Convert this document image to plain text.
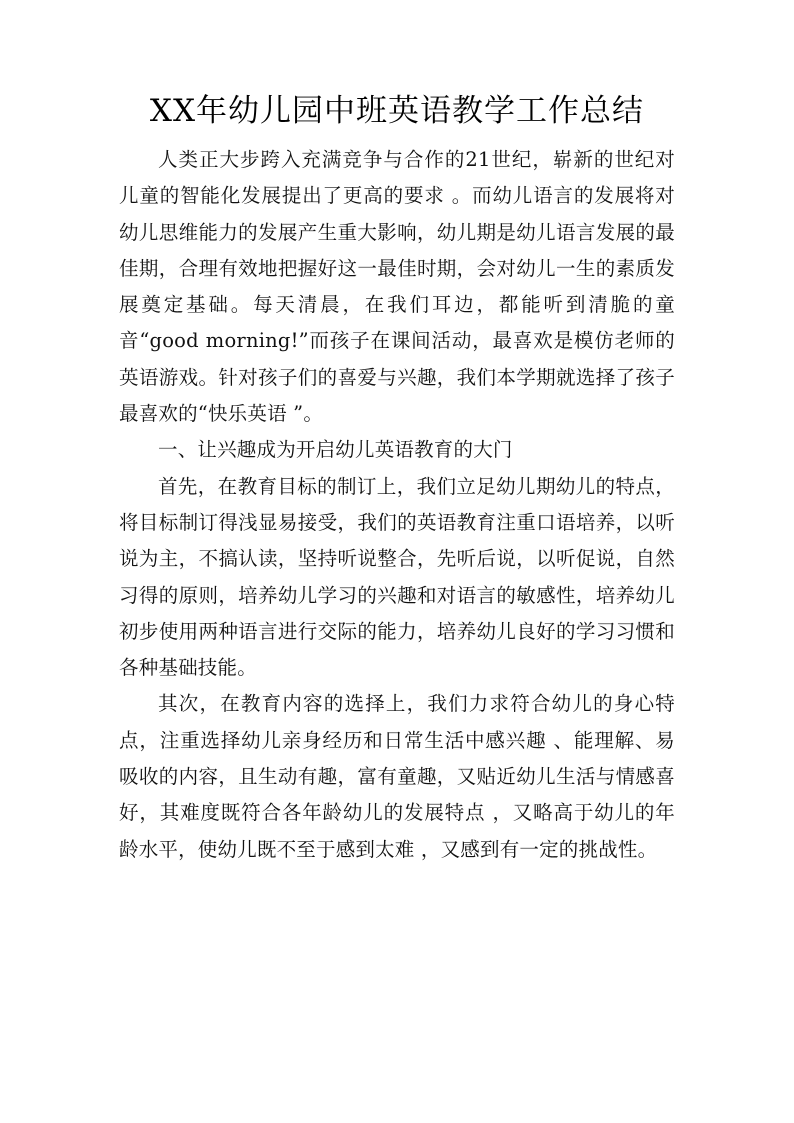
XX年幼儿园中班英语教学工作总结

人类正大步跨入充满竞争与合作的21世纪，崭新的世纪对儿童的智能化发展提出了更高的要求 。而幼儿语言的发展将对幼儿思维能力的发展产生重大影响，幼儿期是幼儿语言发展的最佳期，合理有效地把握好这一最佳时期，会对幼儿一生的素质发展奠定基础。每天清晨，在我们耳边，都能听到清脆的童音“good morning!”而孩子在课间活动，最喜欢是模仿老师的英语游戏。针对孩子们的喜爱与兴趣，我们本学期就选择了孩子最喜欢的“快乐英语 ”。

一、让兴趣成为开启幼儿英语教育的大门

首先，在教育目标的制订上，我们立足幼儿期幼儿的特点，将目标制订得浅显易接受，我们的英语教育注重口语培养，以听说为主，不搞认读，坚持听说整合，先听后说，以听促说，自然习得的原则，培养幼儿学习的兴趣和对语言的敏感性，培养幼儿初步使用两种语言进行交际的能力，培养幼儿良好的学习习惯和各种基础技能。

其次，在教育内容的选择上，我们力求符合幼儿的身心特点，注重选择幼儿亲身经历和日常生活中感兴趣 、能理解、易吸收的内容，且生动有趣，富有童趣，又贴近幼儿生活与情感喜好，其难度既符合各年龄幼儿的发展特点 ，又略高于幼儿的年龄水平，使幼儿既不至于感到太难 ，又感到有一定的挑战性。
